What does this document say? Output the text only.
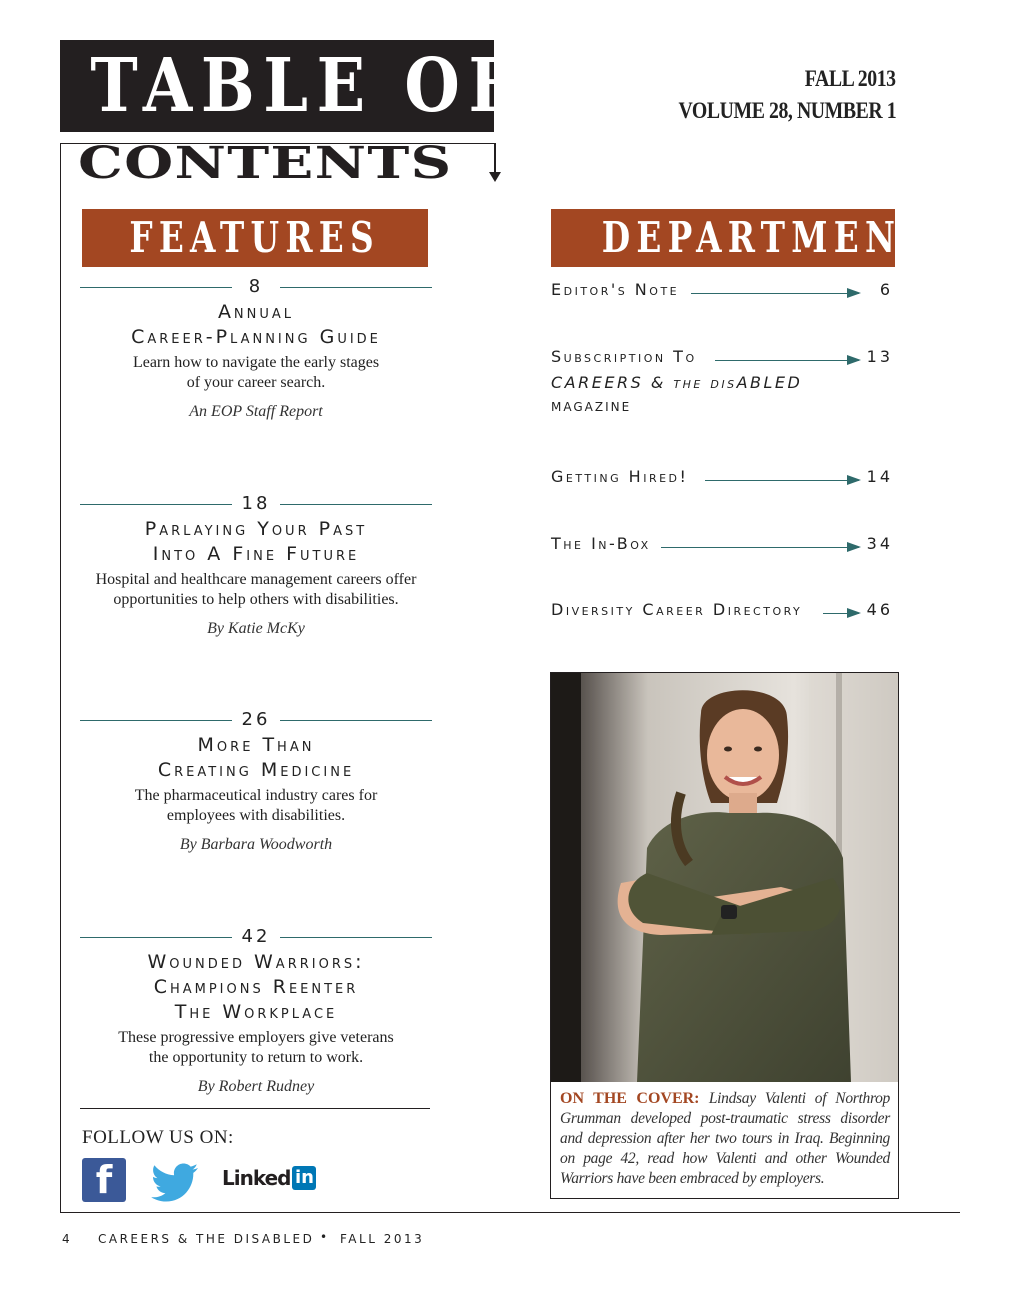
TABLE OF
CONTENTS
FALL 2013
VOLUME 28, NUMBER 1
FEATURES	DEPARTMENTS
8
Annual
Career-Planning Guide
Learn how to navigate the early stages of your career search.
An EOP Staff Report
18
Parlaying Your Past
Into A Fine Future
Hospital and healthcare management careers offer opportunities to help others with disabilities.
By Katie McKy
26
More Than
Creating Medicine
The pharmaceutical industry cares for employees with disabilities.
By Barbara Woodworth
42
Wounded Warriors:
Champions Reenter
The Workplace
These progressive employers give veterans the opportunity to return to work.
By Robert Rudney
FOLLOW US ON:
f	Linked in
Editor's Note	6
Subscription To	13
CAREERS & the disABLED
MAGAZINE
Getting Hired!	14
The In-Box	34
Diversity Career Directory	46
ON THE COVER: Lindsay Valenti of Northrop Grumman developed post-traumatic stress disorder and depression after her two tours in Iraq. Beginning on page 42, read how Valenti and other Wounded Warriors have been embraced by employers.
4 CAREERS & THE DISABLED • FALL 2013
